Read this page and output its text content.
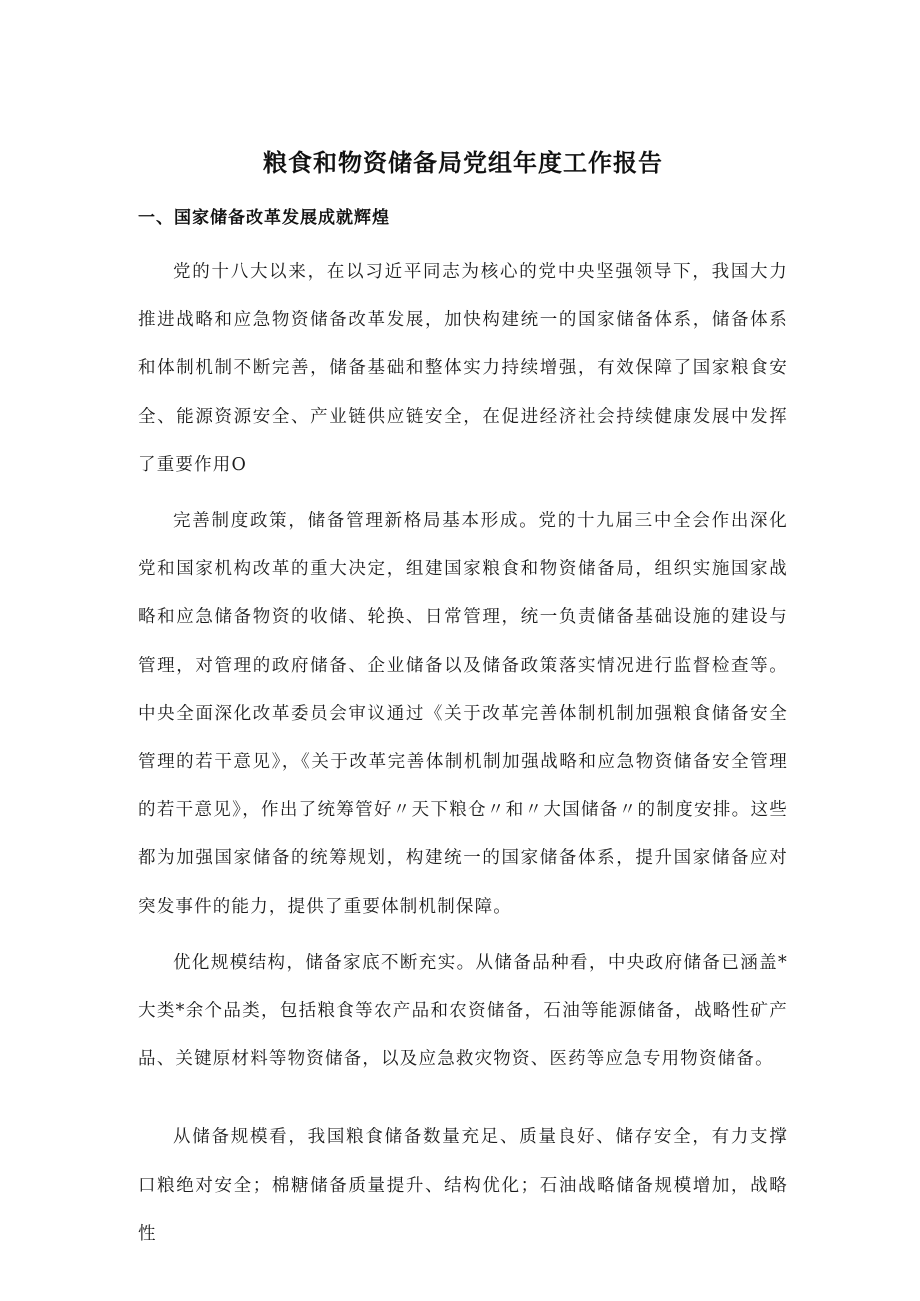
粮食和物资储备局党组年度工作报告
一、国家储备改革发展成就辉煌

党的十八大以来，在以习近平同志为核心的党中央坚强领导下，我国大力推进战略和应急物资储备改革发展，加快构建统一的国家储备体系，储备体系和体制机制不断完善，储备基础和整体实力持续增强，有效保障了国家粮食安全、能源资源安全、产业链供应链安全，在促进经济社会持续健康发展中发挥了重要作用O

完善制度政策，储备管理新格局基本形成。党的十九届三中全会作出深化党和国家机构改革的重大决定，组建国家粮食和物资储备局，组织实施国家战略和应急储备物资的收储、轮换、日常管理，统一负责储备基础设施的建设与管理，对管理的政府储备、企业储备以及储备政策落实情况进行监督检查等。中央全面深化改革委员会审议通过《关于改革完善体制机制加强粮食储备安全管理的若干意见》，《关于改革完善体制机制加强战略和应急物资储备安全管理的若干意见》，作出了统筹管好〃天下粮仓〃和〃大国储备〃的制度安排。这些都为加强国家储备的统筹规划，构建统一的国家储备体系，提升国家储备应对突发事件的能力，提供了重要体制机制保障。

优化规模结构，储备家底不断充实。从储备品种看，中央政府储备已涵盖*大类*余个品类，包括粮食等农产品和农资储备，石油等能源储备，战略性矿产品、关键原材料等物资储备，以及应急救灾物资、医药等应急专用物资储备。

从储备规模看，我国粮食储备数量充足、质量良好、储存安全，有力支撑口粮绝对安全；棉糖储备质量提升、结构优化；石油战略储备规模增加，战略性
